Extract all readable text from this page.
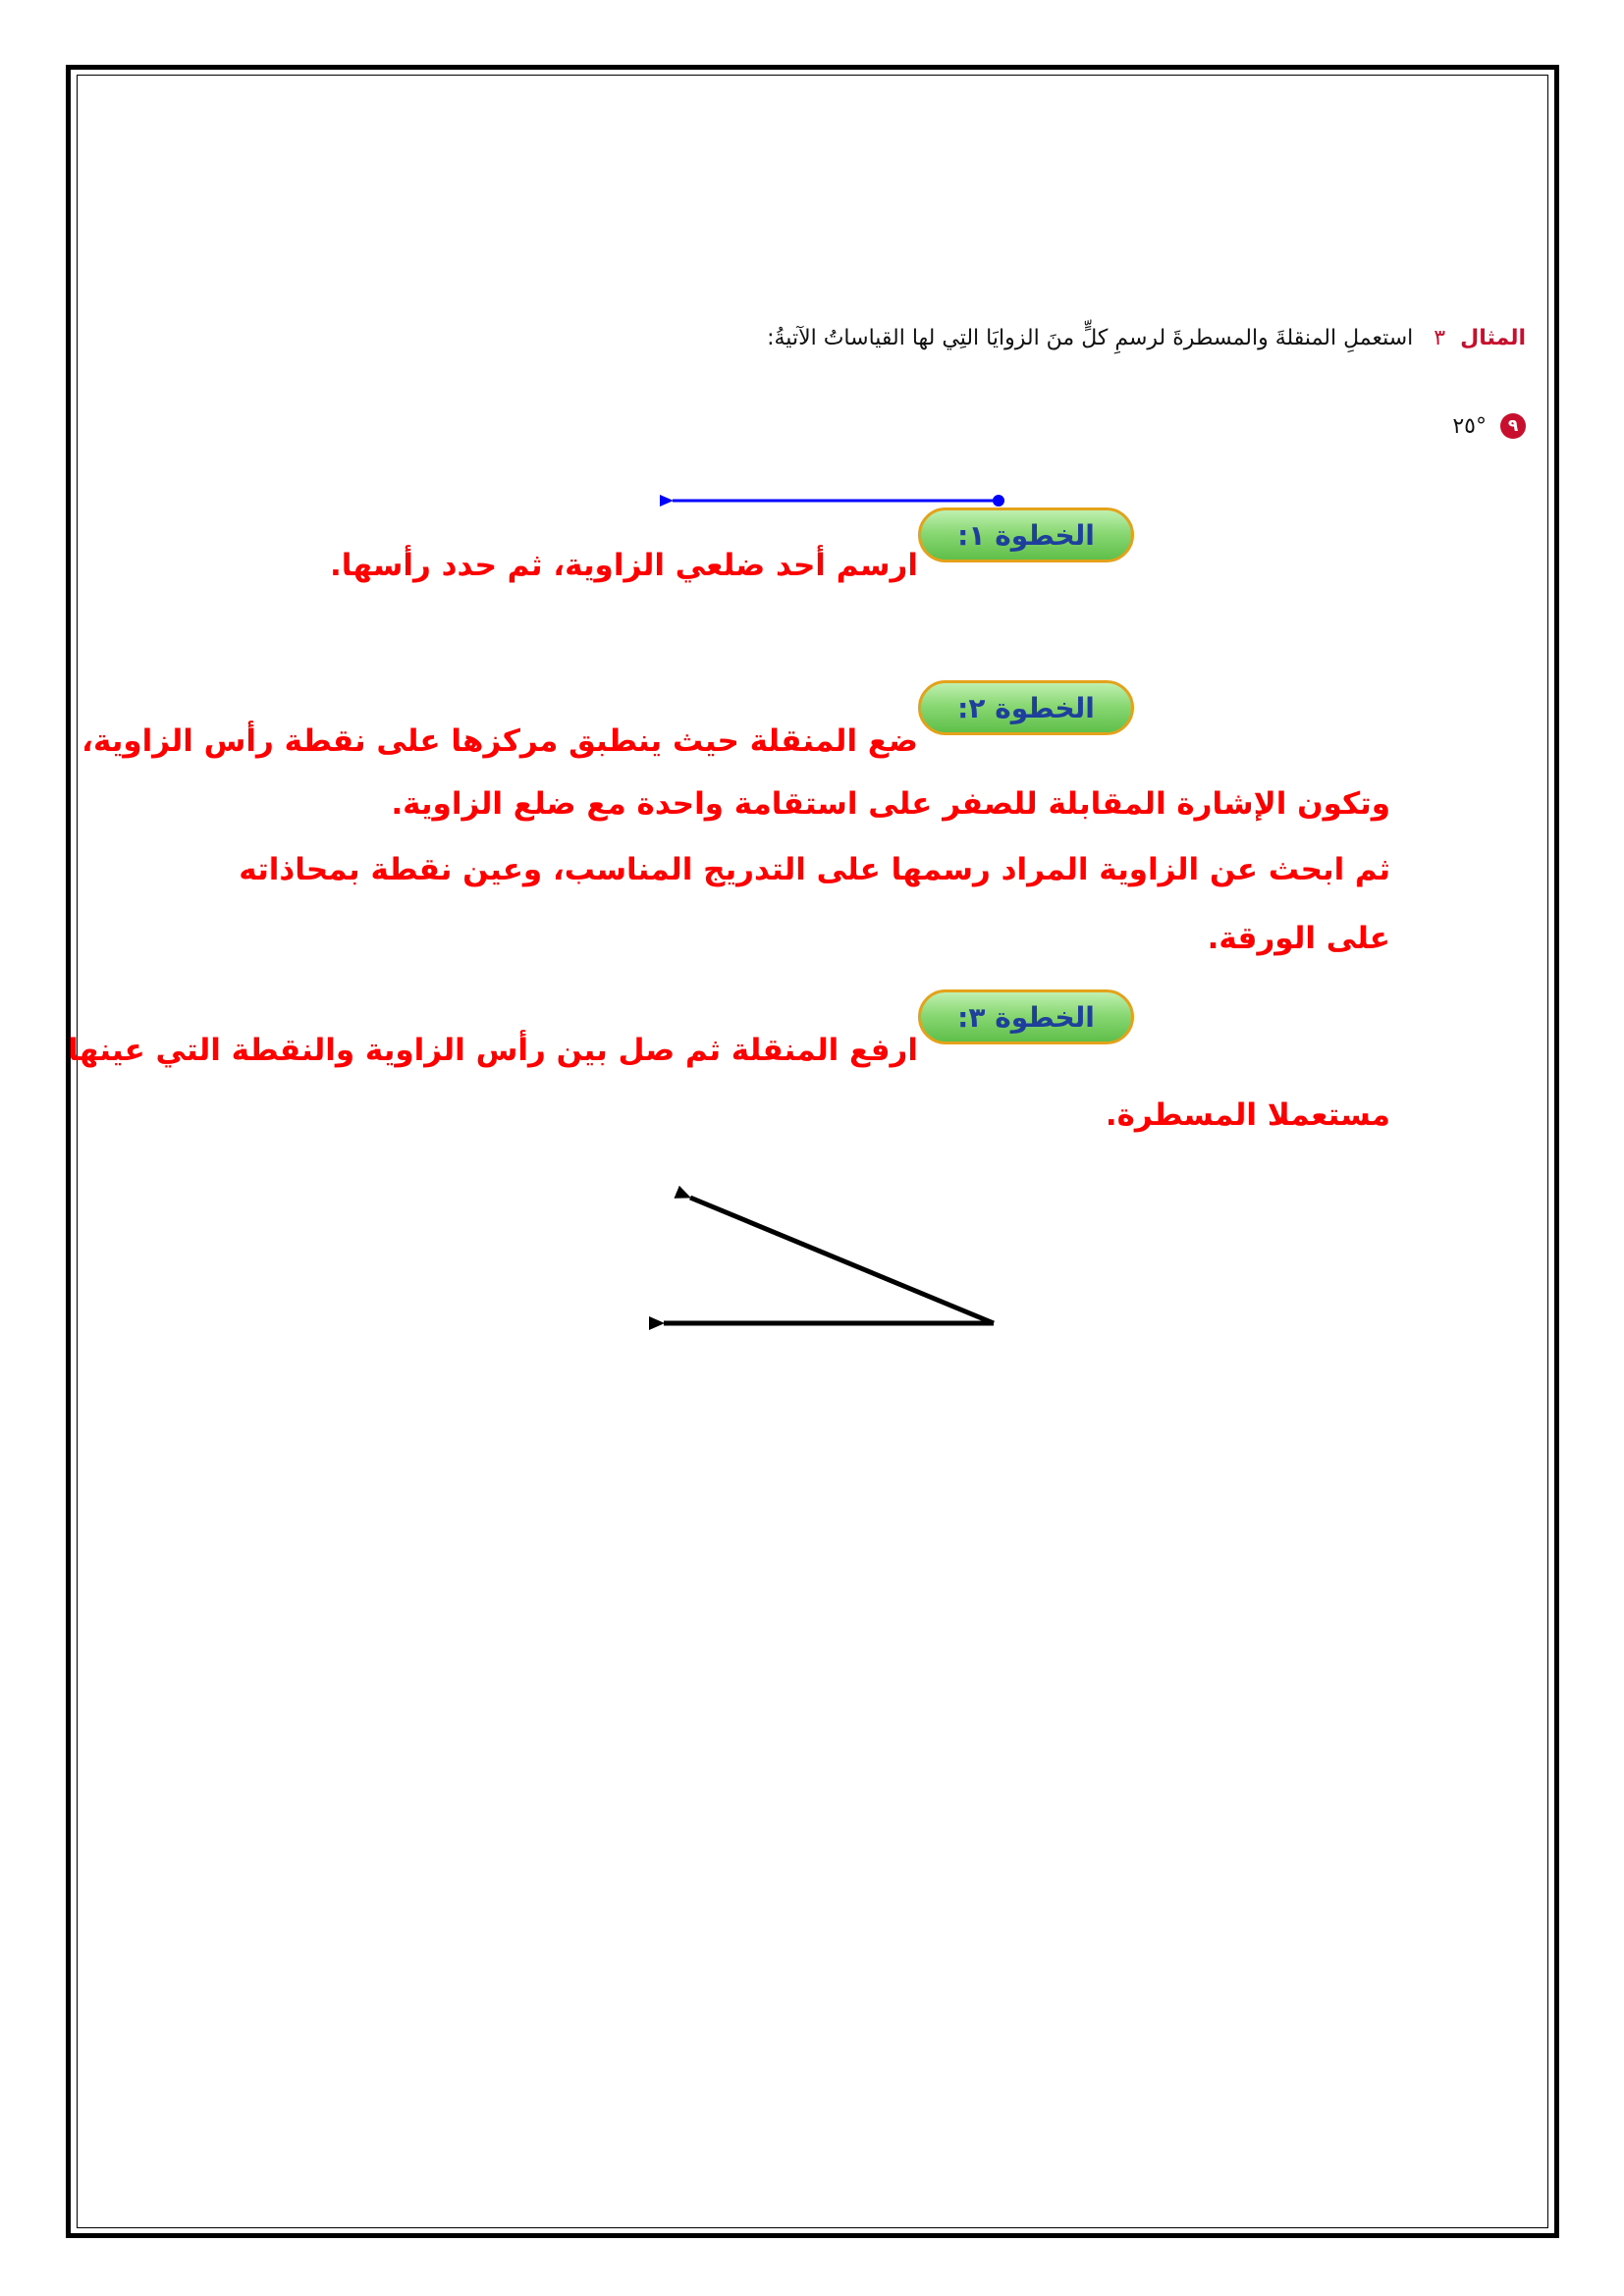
المثال ٣ استعملِ المنقلةَ والمسطرةَ لرسمِ كلٍّ منَ الزوايَا التِي لها القياساتُ الآتيةُ:
٩
°٢٥
الخطوة ١:
ارسم أحد ضلعي الزاوية، ثم حدد رأسها.
الخطوة ٢:
ضع المنقلة حيث ينطبق مركزها على نقطة رأس الزاوية،
وتكون الإشارة المقابلة للصفر على استقامة واحدة مع ضلع الزاوية.
ثم ابحث عن الزاوية المراد رسمها على التدريج المناسب، وعين نقطة بمحاذاته
على الورقة.
الخطوة ٣:
ارفع المنقلة ثم صل بين رأس الزاوية والنقطة التي عينها
مستعملا المسطرة.
